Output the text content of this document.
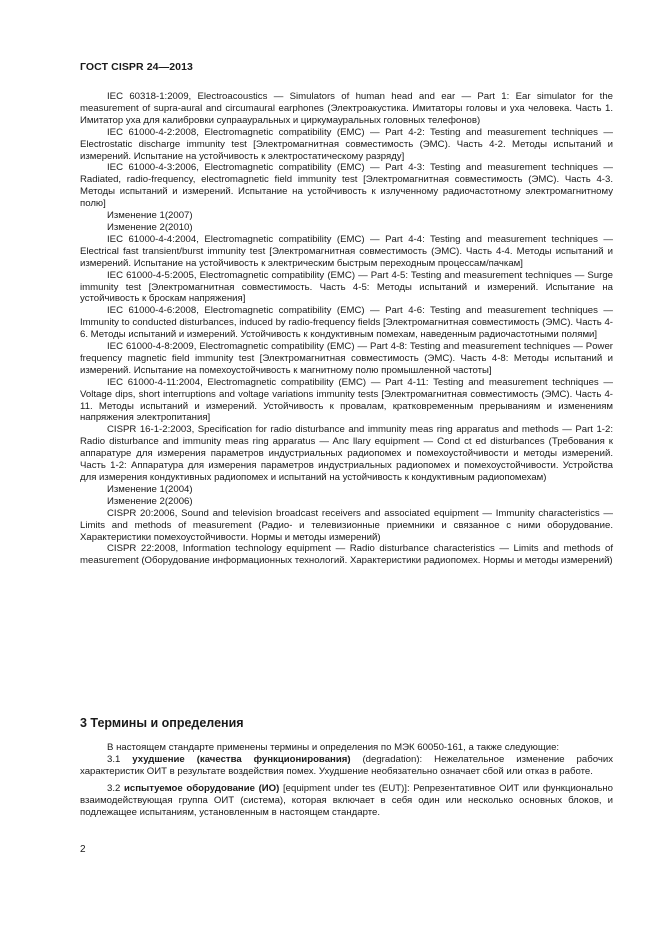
ГОСТ CISPR 24—2013

IEC 60318-1:2009, Electroacoustics — Simulators of human head and ear — Part 1: Ear simulator for the measurement of supra-aural and circumaural earphones (Электроакустика. Имитаторы головы и уха человека. Часть 1. Имитатор уха для калибровки супраауральных и циркумауральных головных телефонов)

IEC 61000-4-2:2008, Electromagnetic compatibility (EMC) — Part 4-2: Testing and measurement techniques — Electrostatic discharge immunity test [Электромагнитная совместимость (ЭМС). Часть 4-2. Методы испытаний и измерений. Испытание на устойчивость к электростатическому разряду]

IEC 61000-4-3:2006, Electromagnetic compatibility (EMC) — Part 4-3: Testing and measurement techniques — Radiated, radio-frequency, electromagnetic field immunity test [Электромагнитная совместимость (ЭМС). Часть 4-3. Методы испытаний и измерений. Испытание на устойчивость к излученному радиочастотному электромагнитному полю]

Изменение 1(2007)

Изменение 2(2010)

IEC 61000-4-4:2004, Electromagnetic compatibility (EMC) — Part 4-4: Testing and measurement techniques — Electrical fast transient/burst immunity test [Электромагнитная совместимость (ЭМС). Часть 4-4. Методы испытаний и измерений. Испытание на устойчивость к электрическим быстрым переходным процессам/пачкам]

IEC 61000-4-5:2005, Electromagnetic compatibility (EMC) — Part 4-5: Testing and measurement techniques — Surge immunity test [Электромагнитная совместимость. Часть 4-5: Методы испытаний и измерений. Испытание на устойчивость к броскам напряжения]

IEC 61000-4-6:2008, Electromagnetic compatibility (EMC) — Part 4-6: Testing and measurement techniques — Immunity to conducted disturbances, induced by radio-frequency fields [Электромагнитная совместимость (ЭМС). Часть 4-6. Методы испытаний и измерений. Устойчивость к кондуктивным помехам, наведенным радиочастотными полями]

IEC 61000-4-8:2009, Electromagnetic compatibility (EMC) — Part 4-8: Testing and measurement techniques — Power frequency magnetic field immunity test [Электромагнитная совместимость (ЭМС). Часть 4-8: Методы испытаний и измерений. Испытание на помехоустойчивость к магнитному полю промышленной частоты]

IEC 61000-4-11:2004, Electromagnetic compatibility (EMC) — Part 4-11: Testing and measurement techniques — Voltage dips, short interruptions and voltage variations immunity tests [Электромагнитная совместимость (ЭМС). Часть 4-11. Методы испытаний и измерений. Устойчивость к провалам, кратковременным прерываниям и изменениям напряжения электропитания]

CISPR 16-1-2:2003, Specification for radio disturbance and immunity meas ring apparatus and methods — Part 1-2: Radio disturbance and immunity meas ring apparatus — Anc llary equipment — Cond ct ed disturbances (Требования к аппаратуре для измерения параметров индустриальных радиопомех и помехоустойчивости и методы измерений. Часть 1-2: Аппаратура для измерения параметров индустриальных радиопомех и помехоустойчивости. Устройства для измерения кондуктивных радиопомех и испытаний на устойчивость к кондуктивным радиопомехам)

Изменение 1(2004)

Изменение 2(2006)

CISPR 20:2006, Sound and television broadcast receivers and associated equipment — Immunity characteristics — Limits and methods of measurement (Радио- и телевизионные приемники и связанное с ними оборудование. Характеристики помехоустойчивости. Нормы и методы измерений)

CISPR 22:2008, Information technology equipment — Radio disturbance characteristics — Limits and methods of measurement (Оборудование информационных технологий. Характеристики радиопомех. Нормы и методы измерений)

3 Термины и определения

В настоящем стандарте применены термины и определения по МЭК 60050-161, а также следующие:

3.1 ухудшение (качества функционирования) (degradation): Нежелательное изменение рабочих характеристик ОИТ в результате воздействия помех. Ухудшение необязательно означает сбой или отказ в работе.

3.2 испытуемое оборудование (ИО) [equipment under tes (EUT)]: Репрезентативное ОИТ или функционально взаимодействующая группа ОИТ (система), которая включает в себя один или несколько основных блоков, и подлежащее испытаниям, установленным в настоящем стандарте.

2
